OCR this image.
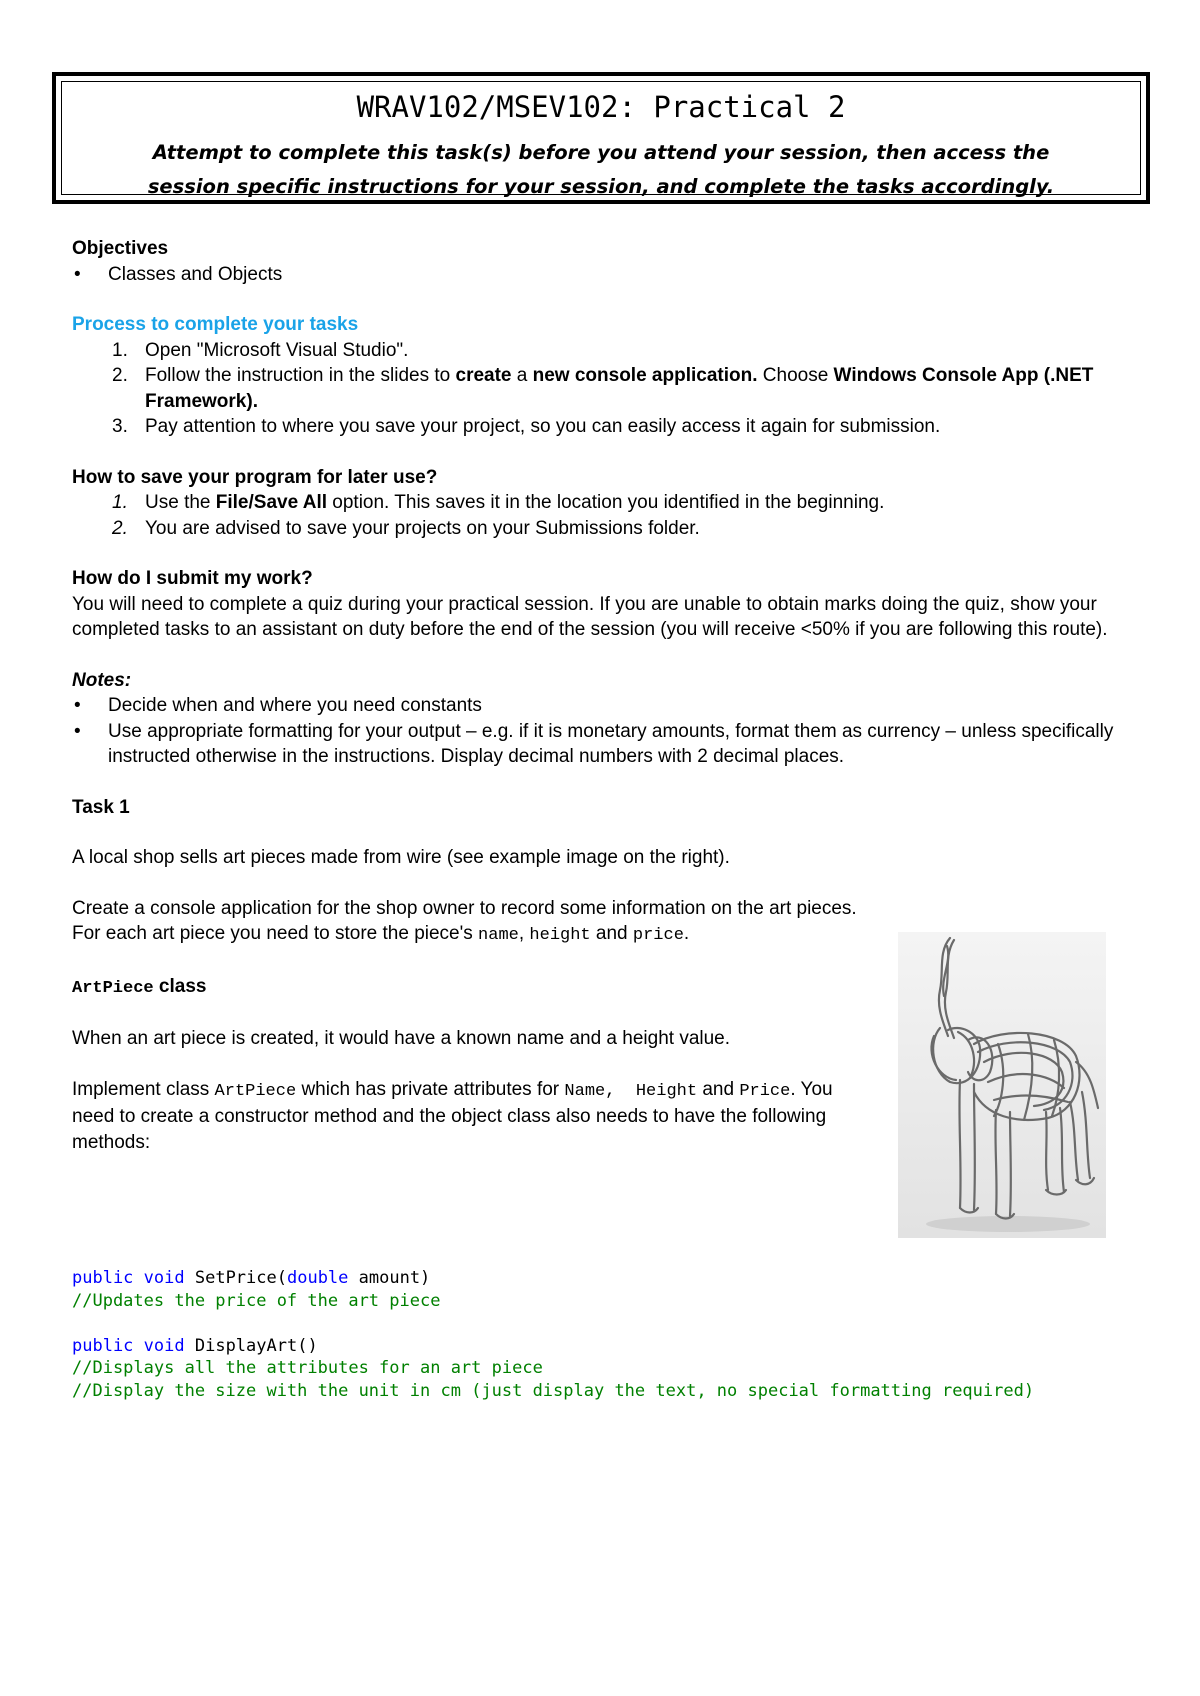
WRAV102/MSEV102: Practical 2
Attempt to complete this task(s) before you attend your session, then access the
session specific instructions for your session, and complete the tasks accordingly.
Objectives
• Classes and Objects
Process to complete your tasks
1. Open "Microsoft Visual Studio".
2. Follow the instruction in the slides to create a new console application. Choose Windows Console App (.NET Framework).
3. Pay attention to where you save your project, so you can easily access it again for submission.
How to save your program for later use?
1. Use the File/Save All option. This saves it in the location you identified in the beginning.
2. You are advised to save your projects on your Submissions folder.
How do I submit my work?
You will need to complete a quiz during your practical session. If you are unable to obtain marks doing the quiz, show your completed tasks to an assistant on duty before the end of the session (you will receive <50% if you are following this route).
Notes:
• Decide when and where you need constants
• Use appropriate formatting for your output – e.g. if it is monetary amounts, format them as currency – unless specifically instructed otherwise in the instructions. Display decimal numbers with 2 decimal places.
Task 1
A local shop sells art pieces made from wire (see example image on the right).
Create a console application for the shop owner to record some information on the art pieces. For each art piece you need to store the piece's name, height and price.
ArtPiece class
When an art piece is created, it would have a known name and a height value.
Implement class ArtPiece which has private attributes for Name, Height and Price. You need to create a constructor method and the object class also needs to have the following methods:
public void SetPrice(double amount)
//Updates the price of the art piece

public void DisplayArt()
//Displays all the attributes for an art piece
//Display the size with the unit in cm (just display the text, no special formatting required)
